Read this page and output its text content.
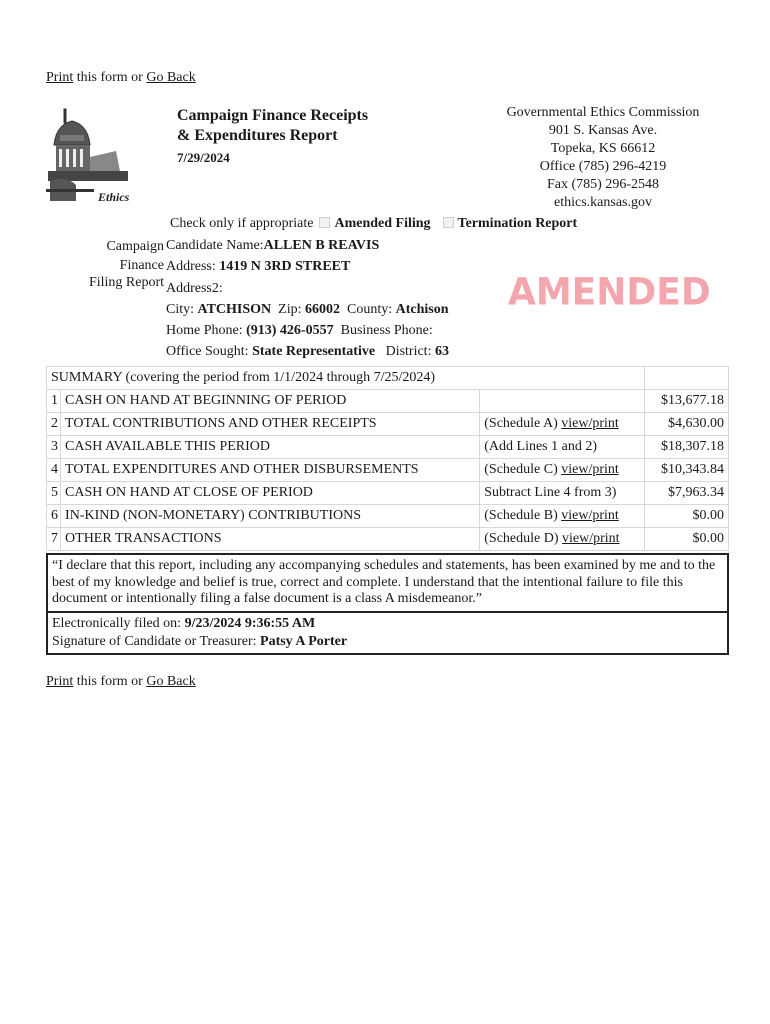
Print this form or Go Back
Ethics
Campaign Finance Receipts
& Expenditures Report
7/29/2024
Governmental Ethics Commission
901 S. Kansas Ave.
Topeka, KS 66612
Office (785) 296-4219
Fax (785) 296-2548
ethics.kansas.gov
Check only if appropriate Amended Filing Termination Report
Campaign
Finance
Filing Report
Candidate Name:ALLEN B REAVIS
Address: 1419 N 3RD STREET
Address2:
City: ATCHISON Zip: 66002 County: Atchison
Home Phone: (913) 426-0557 Business Phone:
Office Sought: State Representative District: 63
AMENDED
SUMMARY (covering the period from 1/1/2024 through 7/25/2024)			
1	CASH ON HAND AT BEGINNING OF PERIOD		$13,677.18
2	TOTAL CONTRIBUTIONS AND OTHER RECEIPTS	(Schedule A) view/print	$4,630.00
3	CASH AVAILABLE THIS PERIOD	(Add Lines 1 and 2)	$18,307.18
4	TOTAL EXPENDITURES AND OTHER DISBURSEMENTS	(Schedule C) view/print	$10,343.84
5	CASH ON HAND AT CLOSE OF PERIOD	Subtract Line 4 from 3)	$7,963.34
6	IN-KIND (NON-MONETARY) CONTRIBUTIONS	(Schedule B) view/print	$0.00
7	OTHER TRANSACTIONS	(Schedule D) view/print	$0.00
“I declare that this report, including any accompanying schedules and statements, has been examined by me and to the best of my knowledge and belief is true, correct and complete. I understand that the intentional failure to file this document or intentionally filing a false document is a class A misdemeanor.”
Electronically filed on: 9/23/2024 9:36:55 AM
Signature of Candidate or Treasurer: Patsy A Porter
Print this form or Go Back
